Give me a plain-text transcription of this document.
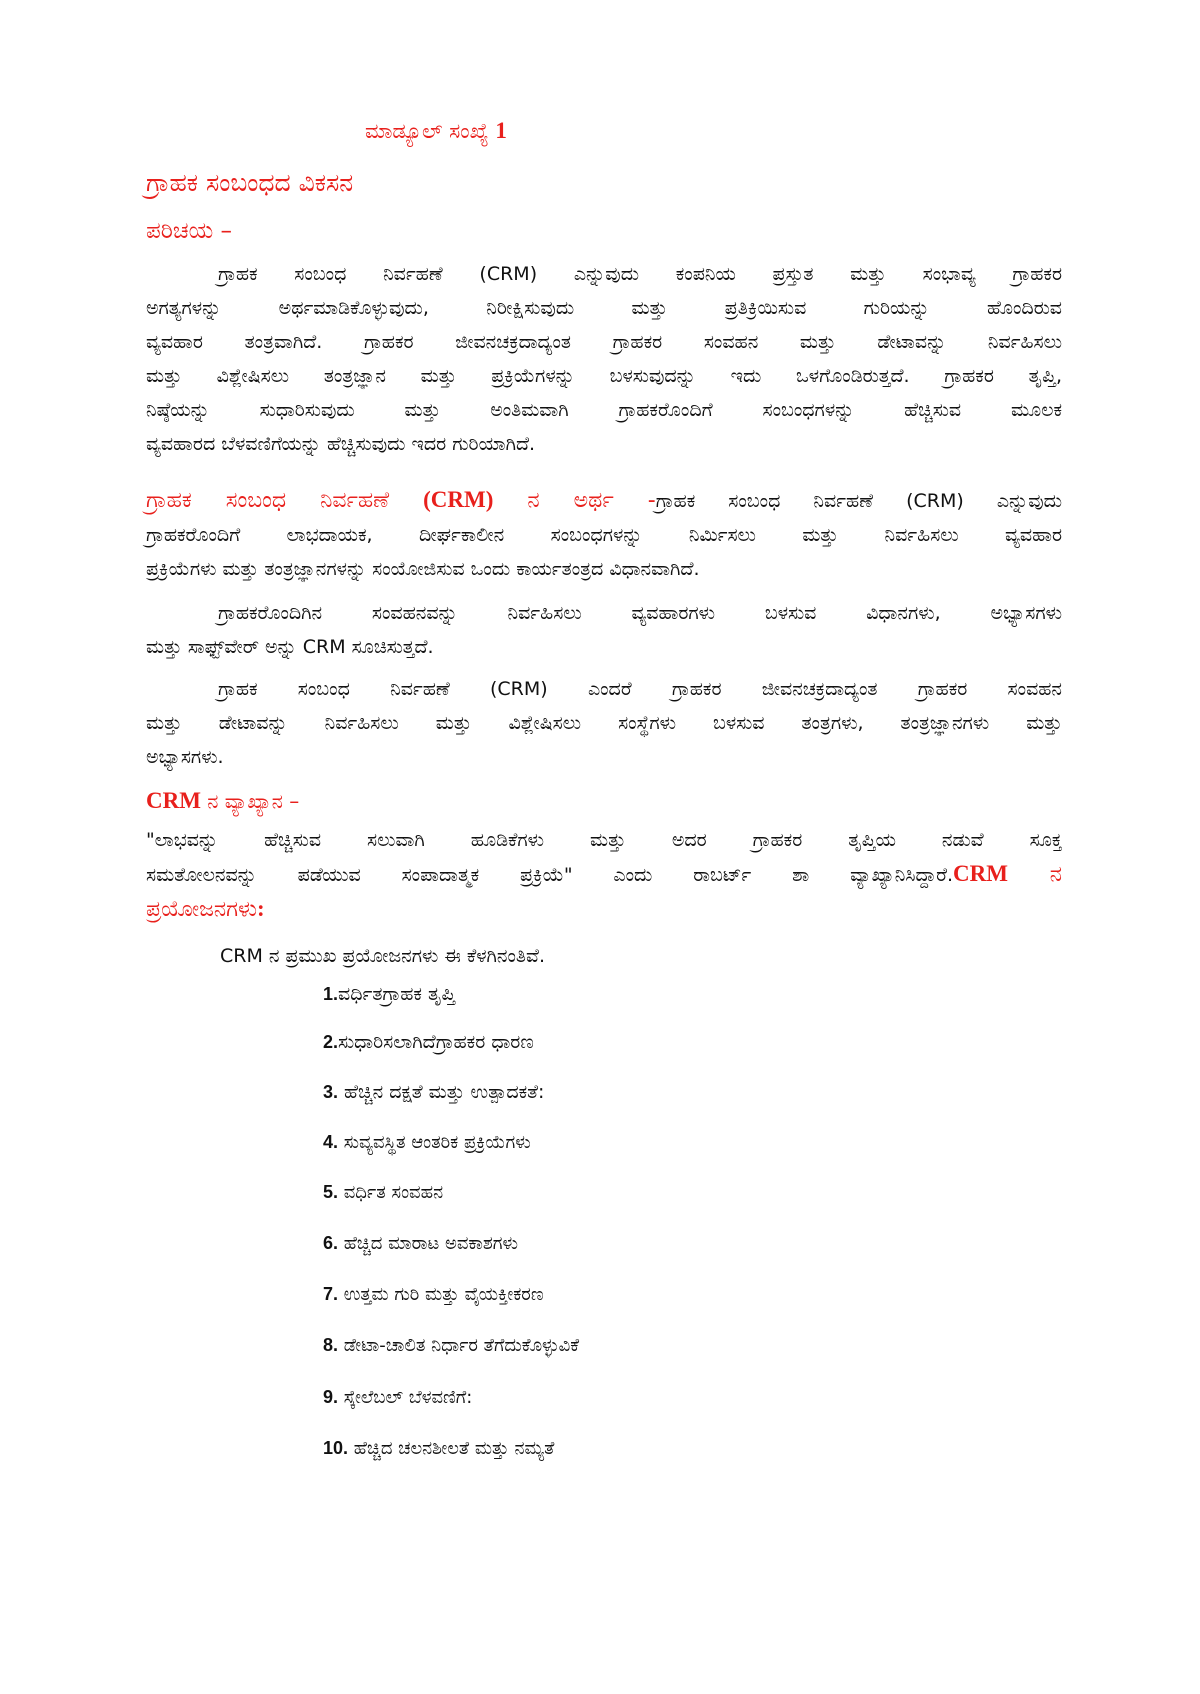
ಮಾಡ್ಯೂಲ್ ಸಂಖ್ಯೆ 1
ಗ್ರಾಹಕ ಸಂಬಂಧದ ವಿಕಸನ
ಪರಿಚಯ –
ಗ್ರಾಹಕ ಸಂಬಂಧ ನಿರ್ವಹಣೆ (CRM) ಎನ್ನುವುದು ಕಂಪನಿಯ ಪ್ರಸ್ತುತ ಮತ್ತು ಸಂಭಾವ್ಯ ಗ್ರಾಹಕರ
ಅಗತ್ಯಗಳನ್ನು ಅರ್ಥಮಾಡಿಕೊಳ್ಳುವುದು, ನಿರೀಕ್ಷಿಸುವುದು ಮತ್ತು ಪ್ರತಿಕ್ರಿಯಿಸುವ ಗುರಿಯನ್ನು ಹೊಂದಿರುವ
ವ್ಯವಹಾರ ತಂತ್ರವಾಗಿದೆ. ಗ್ರಾಹಕರ ಜೀವನಚಕ್ರದಾದ್ಯಂತ ಗ್ರಾಹಕರ ಸಂವಹನ ಮತ್ತು ಡೇಟಾವನ್ನು ನಿರ್ವಹಿಸಲು
ಮತ್ತು ವಿಶ್ಲೇಷಿಸಲು ತಂತ್ರಜ್ಞಾನ ಮತ್ತು ಪ್ರಕ್ರಿಯೆಗಳನ್ನು ಬಳಸುವುದನ್ನು ಇದು ಒಳಗೊಂಡಿರುತ್ತದೆ. ಗ್ರಾಹಕರ ತೃಪ್ತಿ,
ನಿಷ್ಠೆಯನ್ನು ಸುಧಾರಿಸುವುದು ಮತ್ತು ಅಂತಿಮವಾಗಿ ಗ್ರಾಹಕರೊಂದಿಗೆ ಸಂಬಂಧಗಳನ್ನು ಹೆಚ್ಚಿಸುವ ಮೂಲಕ
ವ್ಯವಹಾರದ ಬೆಳವಣಿಗೆಯನ್ನು ಹೆಚ್ಚಿಸುವುದು ಇದರ ಗುರಿಯಾಗಿದೆ.
ಗ್ರಾಹಕ ಸಂಬಂಧ ನಿರ್ವಹಣೆ (CRM) ನ ಅರ್ಥ -ಗ್ರಾಹಕ ಸಂಬಂಧ ನಿರ್ವಹಣೆ (CRM) ಎನ್ನುವುದು
ಗ್ರಾಹಕರೊಂದಿಗೆ ಲಾಭದಾಯಕ, ದೀರ್ಘಕಾಲೀನ ಸಂಬಂಧಗಳನ್ನು ನಿರ್ಮಿಸಲು ಮತ್ತು ನಿರ್ವಹಿಸಲು ವ್ಯವಹಾರ
ಪ್ರಕ್ರಿಯೆಗಳು ಮತ್ತು ತಂತ್ರಜ್ಞಾನಗಳನ್ನು ಸಂಯೋಜಿಸುವ ಒಂದು ಕಾರ್ಯತಂತ್ರದ ವಿಧಾನವಾಗಿದೆ.
ಗ್ರಾಹಕರೊಂದಿಗಿನ ಸಂವಹನವನ್ನು ನಿರ್ವಹಿಸಲು ವ್ಯವಹಾರಗಳು ಬಳಸುವ ವಿಧಾನಗಳು, ಅಭ್ಯಾಸಗಳು
ಮತ್ತು ಸಾಫ್ಟ್‌ವೇರ್ ಅನ್ನು CRM ಸೂಚಿಸುತ್ತದೆ.
ಗ್ರಾಹಕ ಸಂಬಂಧ ನಿರ್ವಹಣೆ (CRM) ಎಂದರೆ ಗ್ರಾಹಕರ ಜೀವನಚಕ್ರದಾದ್ಯಂತ ಗ್ರಾಹಕರ ಸಂವಹನ
ಮತ್ತು ಡೇಟಾವನ್ನು ನಿರ್ವಹಿಸಲು ಮತ್ತು ವಿಶ್ಲೇಷಿಸಲು ಸಂಸ್ಥೆಗಳು ಬಳಸುವ ತಂತ್ರಗಳು, ತಂತ್ರಜ್ಞಾನಗಳು ಮತ್ತು
ಅಭ್ಯಾಸಗಳು.
CRM ನ ವ್ಯಾಖ್ಯಾನ –
"ಲಾಭವನ್ನು ಹೆಚ್ಚಿಸುವ ಸಲುವಾಗಿ ಹೂಡಿಕೆಗಳು ಮತ್ತು ಅದರ ಗ್ರಾಹಕರ ತೃಪ್ತಿಯ ನಡುವೆ ಸೂಕ್ತ
ಸಮತೋಲನವನ್ನು ಪಡೆಯುವ ಸಂಪಾದಾತ್ಮಕ ಪ್ರಕ್ರಿಯೆ" ಎಂದು ರಾಬರ್ಟ್ ಶಾ ವ್ಯಾಖ್ಯಾನಿಸಿದ್ದಾರೆ.CRM ನ
ಪ್ರಯೋಜನಗಳು:
CRM ನ ಪ್ರಮುಖ ಪ್ರಯೋಜನಗಳು ಈ ಕೆಳಗಿನಂತಿವೆ.
1.ವರ್ಧಿತಗ್ರಾಹಕ ತೃಪ್ತಿ
2.ಸುಧಾರಿಸಲಾಗಿದೆಗ್ರಾಹಕರ ಧಾರಣ
3. ಹೆಚ್ಚಿನ ದಕ್ಷತೆ ಮತ್ತು ಉತ್ಪಾದಕತೆ:
4. ಸುವ್ಯವಸ್ಥಿತ ಆಂತರಿಕ ಪ್ರಕ್ರಿಯೆಗಳು
5. ವರ್ಧಿತ ಸಂವಹನ
6. ಹೆಚ್ಚಿದ ಮಾರಾಟ ಅವಕಾಶಗಳು
7. ಉತ್ತಮ ಗುರಿ ಮತ್ತು ವೈಯಕ್ತೀಕರಣ
8. ಡೇಟಾ-ಚಾಲಿತ ನಿರ್ಧಾರ ತೆಗೆದುಕೊಳ್ಳುವಿಕೆ
9. ಸ್ಕೇಲೆಬಲ್ ಬೆಳವಣಿಗೆ:
10. ಹೆಚ್ಚಿದ ಚಲನಶೀಲತೆ ಮತ್ತು ನಮ್ಯತೆ
